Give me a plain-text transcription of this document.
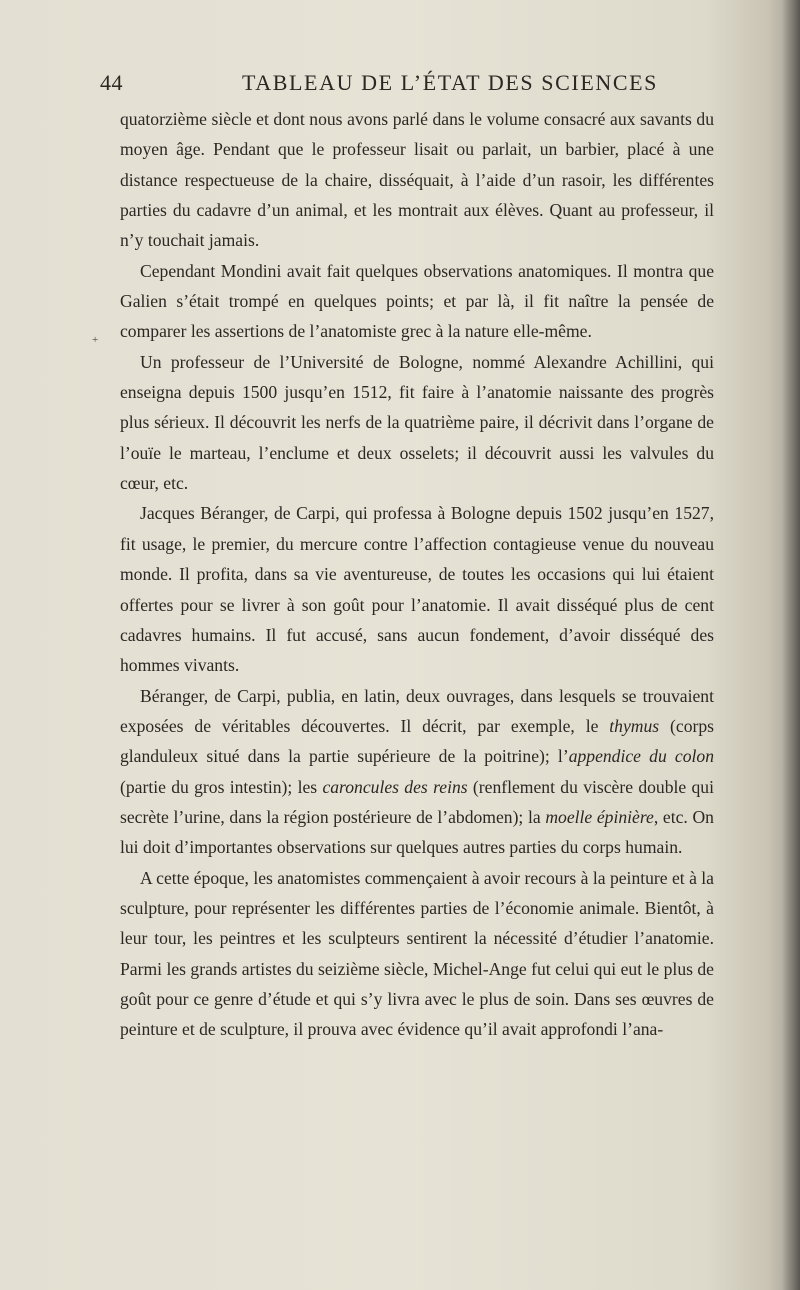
44	TABLEAU DE L’ÉTAT DES SCIENCES
+

quatorzième siècle et dont nous avons parlé dans le volume consacré aux savants du moyen âge. Pendant que le professeur lisait ou parlait, un barbier, placé à une distance respectueuse de la chaire, disséquait, à l’aide d’un rasoir, les différentes parties du cadavre d’un animal, et les montrait aux élèves. Quant au professeur, il n’y touchait jamais.

Cependant Mondini avait fait quelques observations anatomiques. Il montra que Galien s’était trompé en quelques points; et par là, il fit naître la pensée de comparer les assertions de l’anatomiste grec à la nature elle-même.

Un professeur de l’Université de Bologne, nommé Alexandre Achillini, qui enseigna depuis 1500 jusqu’en 1512, fit faire à l’anatomie naissante des progrès plus sérieux. Il découvrit les nerfs de la quatrième paire, il décrivit dans l’organe de l’ouïe le marteau, l’enclume et deux osselets; il découvrit aussi les valvules du cœur, etc.

Jacques Béranger, de Carpi, qui professa à Bologne depuis 1502 jusqu’en 1527, fit usage, le premier, du mercure contre l’affection contagieuse venue du nouveau monde. Il profita, dans sa vie aventureuse, de toutes les occasions qui lui étaient offertes pour se livrer à son goût pour l’anatomie. Il avait disséqué plus de cent cadavres humains. Il fut accusé, sans aucun fondement, d’avoir disséqué des hommes vivants.

Béranger, de Carpi, publia, en latin, deux ouvrages, dans lesquels se trouvaient exposées de véritables découvertes. Il décrit, par exemple, le thymus (corps glanduleux situé dans la partie supérieure de la poitrine); l’appendice du colon (partie du gros intestin); les caroncules des reins (renflement du viscère double qui secrète l’urine, dans la région postérieure de l’abdomen); la moelle épinière, etc. On lui doit d’importantes observations sur quelques autres parties du corps humain.

A cette époque, les anatomistes commençaient à avoir recours à la peinture et à la sculpture, pour représenter les différentes parties de l’économie animale. Bientôt, à leur tour, les peintres et les sculpteurs sentirent la nécessité d’étudier l’anatomie. Parmi les grands artistes du seizième siècle, Michel-Ange fut celui qui eut le plus de goût pour ce genre d’étude et qui s’y livra avec le plus de soin. Dans ses œuvres de peinture et de sculpture, il prouva avec évidence qu’il avait approfondi l’ana-
